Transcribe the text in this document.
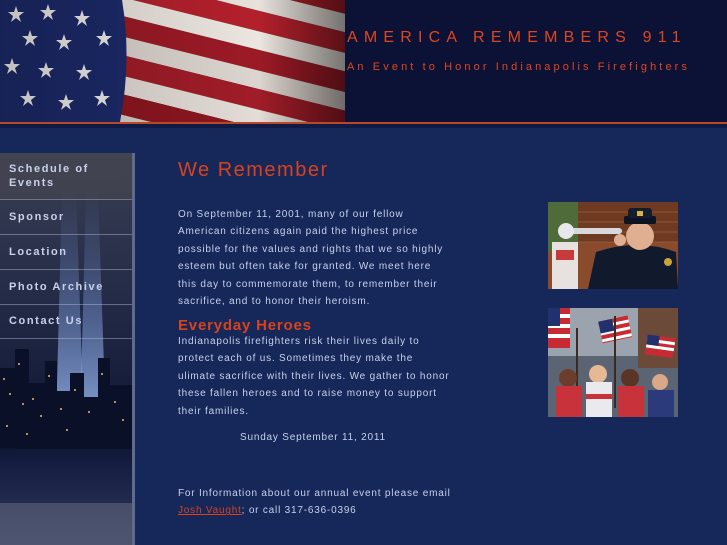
AMERICA REMEMBERS 911
An Event to Honor Indianapolis Firefighters
Schedule of Events
Sponsor
Location
Photo Archive
Contact Us
We Remember
On September 11, 2001, many of our fellow American citizens again paid the highest price possible for the values and rights that we so highly esteem but often take for granted. We meet here this day to commemorate them, to remember their sacrifice, and to honor their heroism.
Everyday Heroes
Indianapolis firefighters risk their lives daily to protect each of us. Sometimes they make the ulimate sacrifice with their lives. We gather to honor these fallen heroes and to raise money to support their families.
Sunday September 11, 2011
For Information about our annual event please email
Josh Vaught; or call 317-636-0396
